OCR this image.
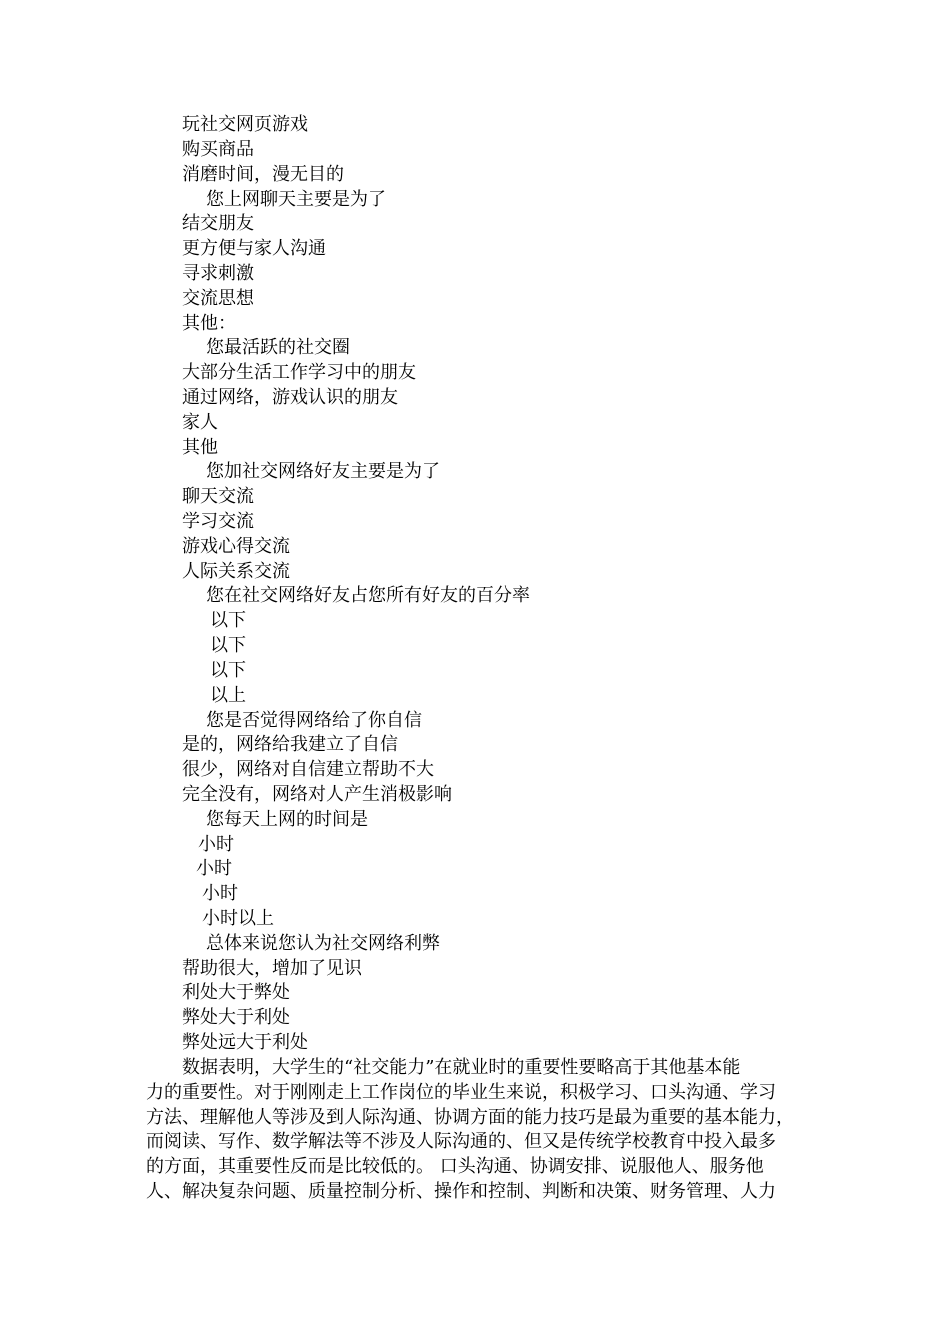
玩社交网页游戏
购买商品
消磨时间，漫无目的
您上网聊天主要是为了
结交朋友
更方便与家人沟通
寻求刺激
交流思想
其他：
您最活跃的社交圈
大部分生活工作学习中的朋友
通过网络，游戏认识的朋友
家人
其他
您加社交网络好友主要是为了
聊天交流
学习交流
游戏心得交流
人际关系交流
您在社交网络好友占您所有好友的百分率
以下
以下
以下
以上
您是否觉得网络给了你自信
是的，网络给我建立了自信
很少，网络对自信建立帮助不大
完全没有，网络对人产生消极影响
您每天上网的时间是
小时
小时
小时
小时以上
总体来说您认为社交网络利弊
帮助很大，增加了见识
利处大于弊处
弊处大于利处
弊处远大于利处
数据表明，大学生的“社交能力”在就业时的重要性要略高于其他基本能
力的重要性。对于刚刚走上工作岗位的毕业生来说，积极学习、口头沟通、学习
方法、理解他人等涉及到人际沟通、协调方面的能力技巧是最为重要的基本能力，
而阅读、写作、数学解法等不涉及人际沟通的、但又是传统学校教育中投入最多
的方面，其重要性反而是比较低的。 口头沟通、协调安排、说服他人、服务他
人、解决复杂问题、质量控制分析、操作和控制、判断和决策、财务管理、人力
